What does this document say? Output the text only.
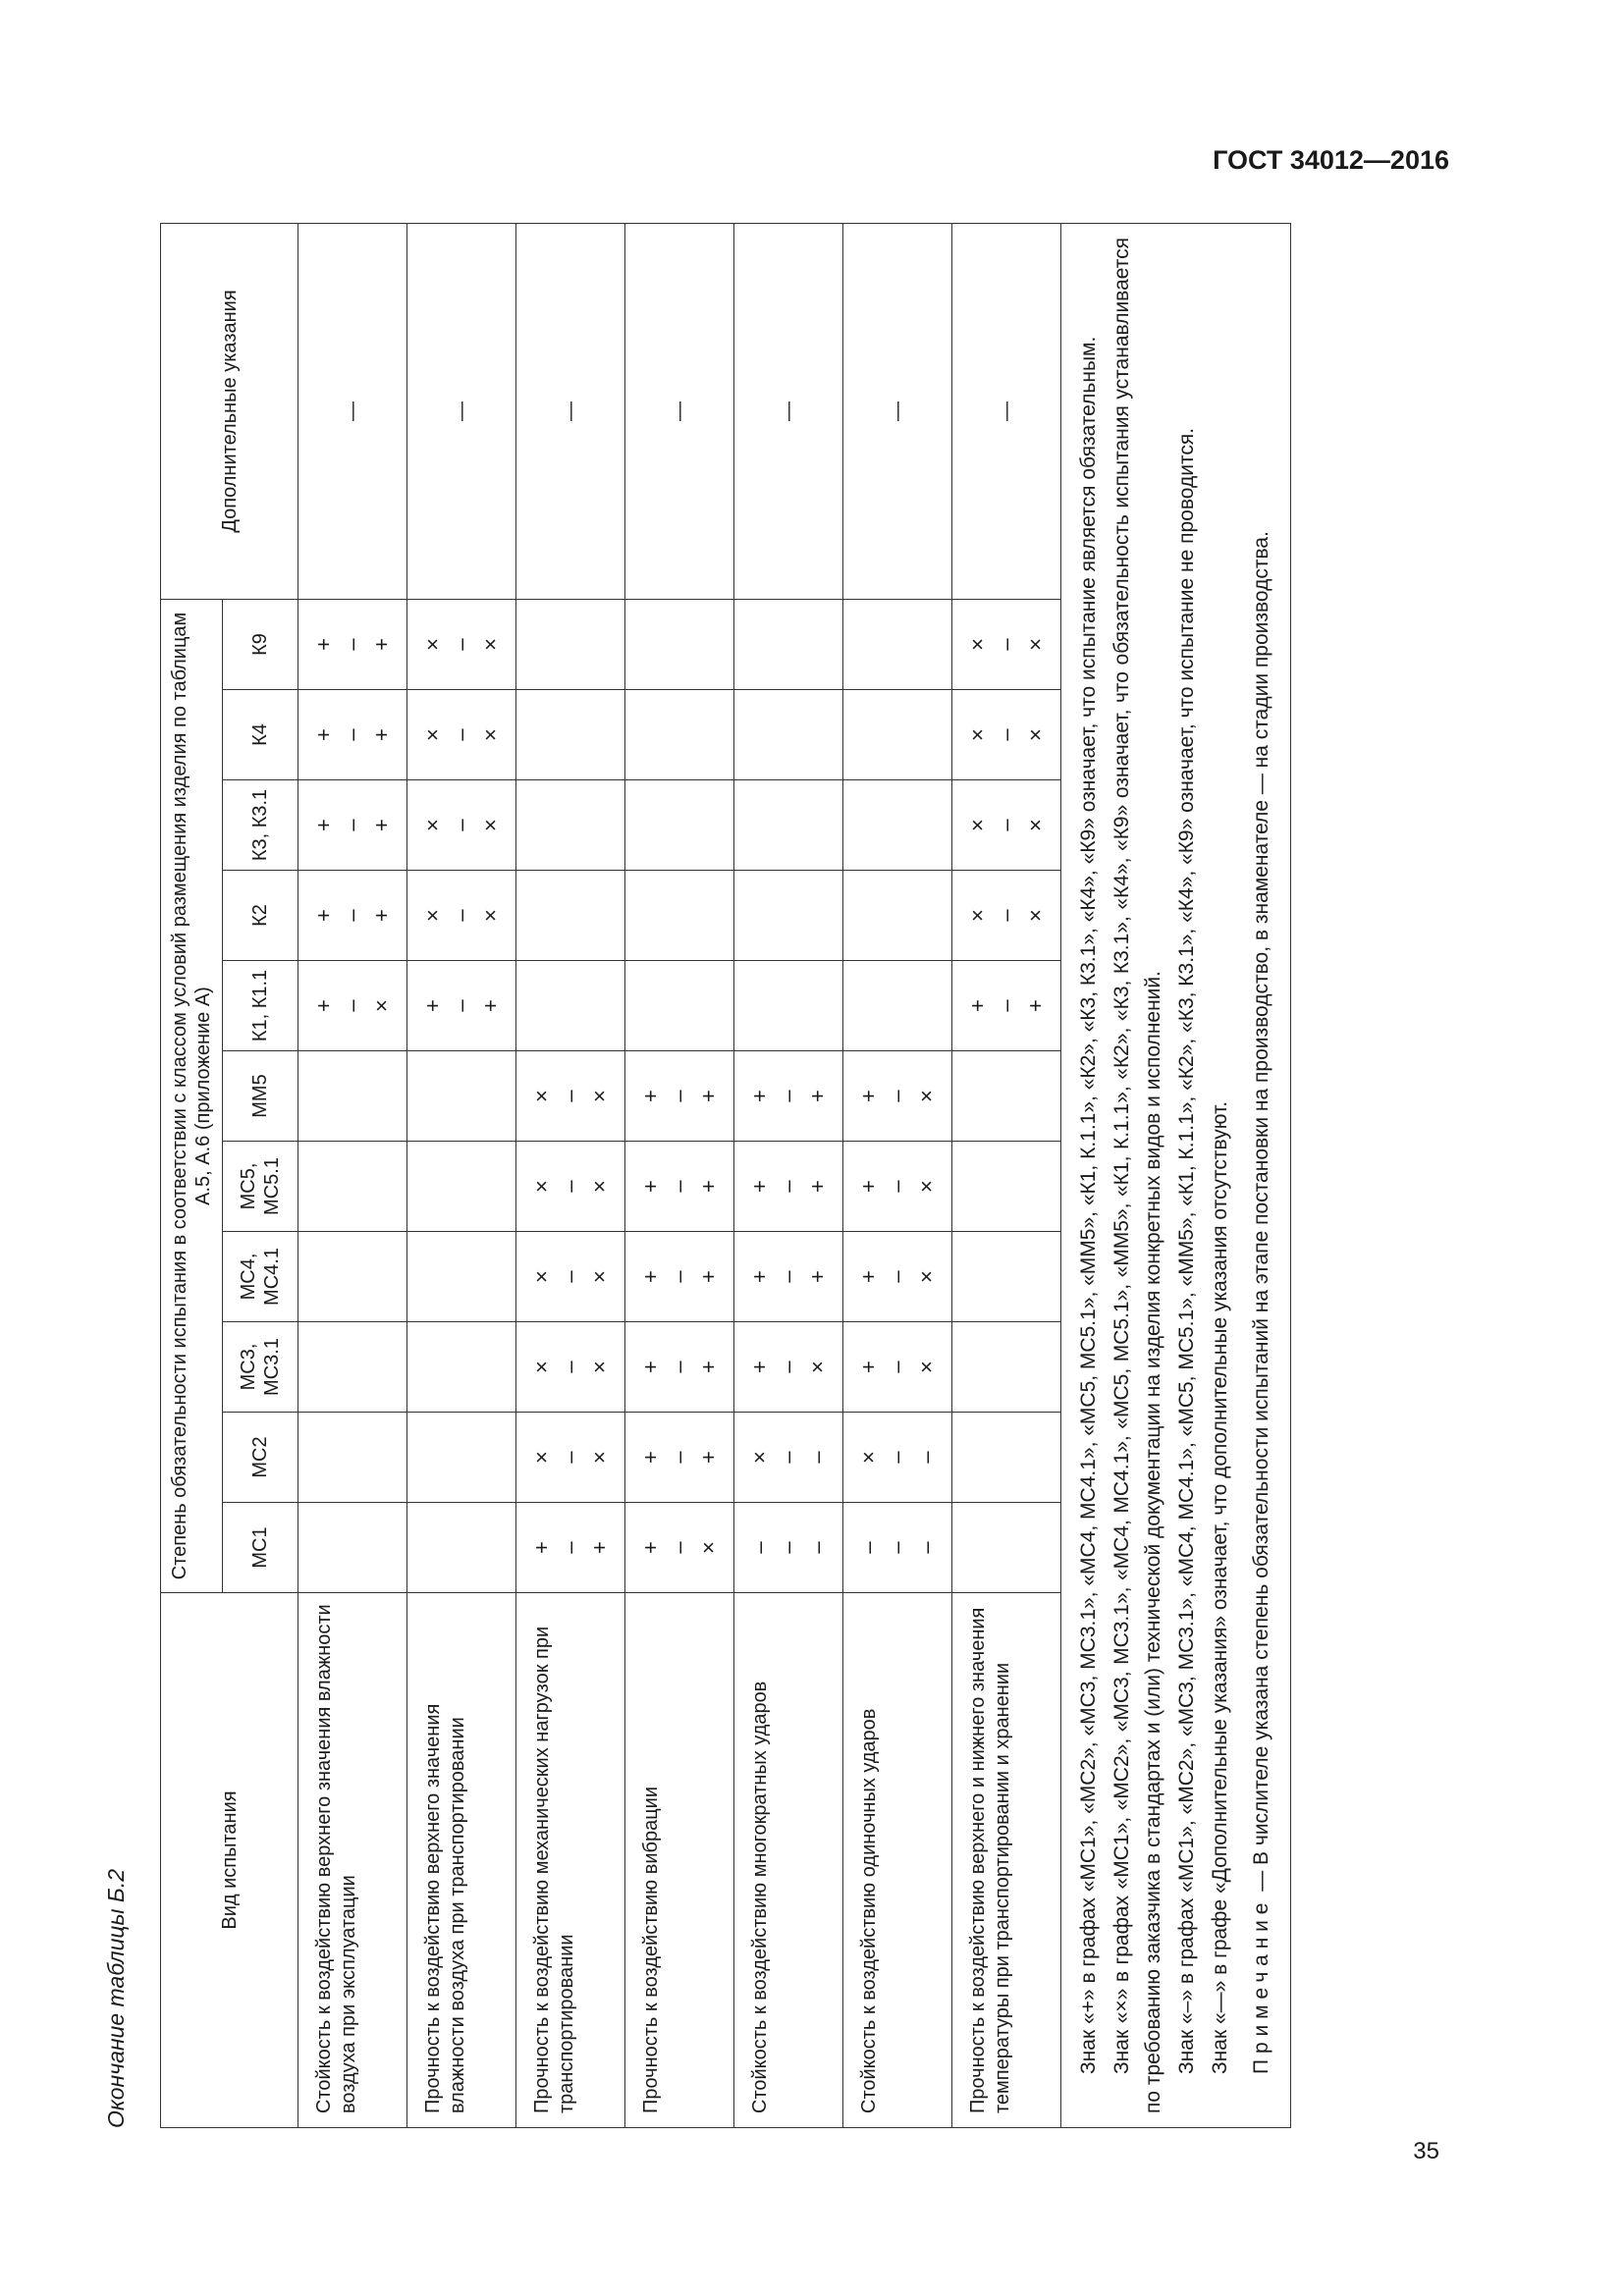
ГОСТ 34012—2016
35
Окончание таблицы Б.2
Вид испытания	Степень обязательности испытания в соответствии с классом условий размещения изделия по таблицам А.5, А.6 (приложение А)											Дополнительные указания
	МС1	МС2	МС3, МС3.1	МС4, МС4.1	МС5, МС5.1	ММ5	К1, К1.1	К2	К3, К3.1	К4	К9	
Стойкость к воздействию верхнего значения влажности воздуха при эксплуатации							+ – ×	+ – +	+ – +	+ – +	+ – +	—
Прочность к воздействию верхнего значения влажности воздуха при транспортировании							+ – +	× – ×	× – ×	× – ×	× – ×	—
Прочность к воздействию механических нагрузок при транспортировании	+ – +	× – ×	× – ×	× – ×	× – ×	× – ×						—
Прочность к воздействию вибрации	+ – ×	+ – +	+ – +	+ – +	+ – +	+ – +						—
Стойкость к воздействию многократных ударов	– – –	× – –	+ – ×	+ – +	+ – +	+ – +						—
Стойкость к воздействию одиночных ударов	– – –	× – –	+ – ×	+ – ×	+ – ×	+ – ×						—
Прочность к воздействию верхнего и нижнего значения температуры при транспортировании и хранении							+ – +	× – ×	× – ×	× – ×	× – ×	—

Знак «+» в графах «МС1», «МС2», «МС3, МС3.1», «МС4, МС4.1», «МС5, МС5.1», «ММ5», «К1, К.1.1», «К2», «К3, К3.1», «К4», «К9» означает, что испытание является обязательным. Знак «×» в графах «МС1», «МС2», «МС3, МС3.1», «МС4, МС4.1», «МС5, МС5.1», «ММ5», «К1, К.1.1», «К2», «К3, К3.1», «К4», «К9» означает, что обязательность испытания устанавливается по требованию заказчика в стандартах и (или) технической документации на изделия конкретных видов и исполнений. Знак «–» в графах «МС1», «МС2», «МС3, МС3.1», «МС4, МС4.1», «МС5, МС5.1», «ММ5», «К1, К.1.1», «К2», «К3, К3.1», «К4», «К9» означает, что испытание не проводится. Знак «—» в графе «Дополнительные указания» означает, что дополнительные указания отсутствуют. Примечание — В числителе указана степень обязательности испытаний на этапе постановки на производство, в знаменателе — на стадии производства.												
